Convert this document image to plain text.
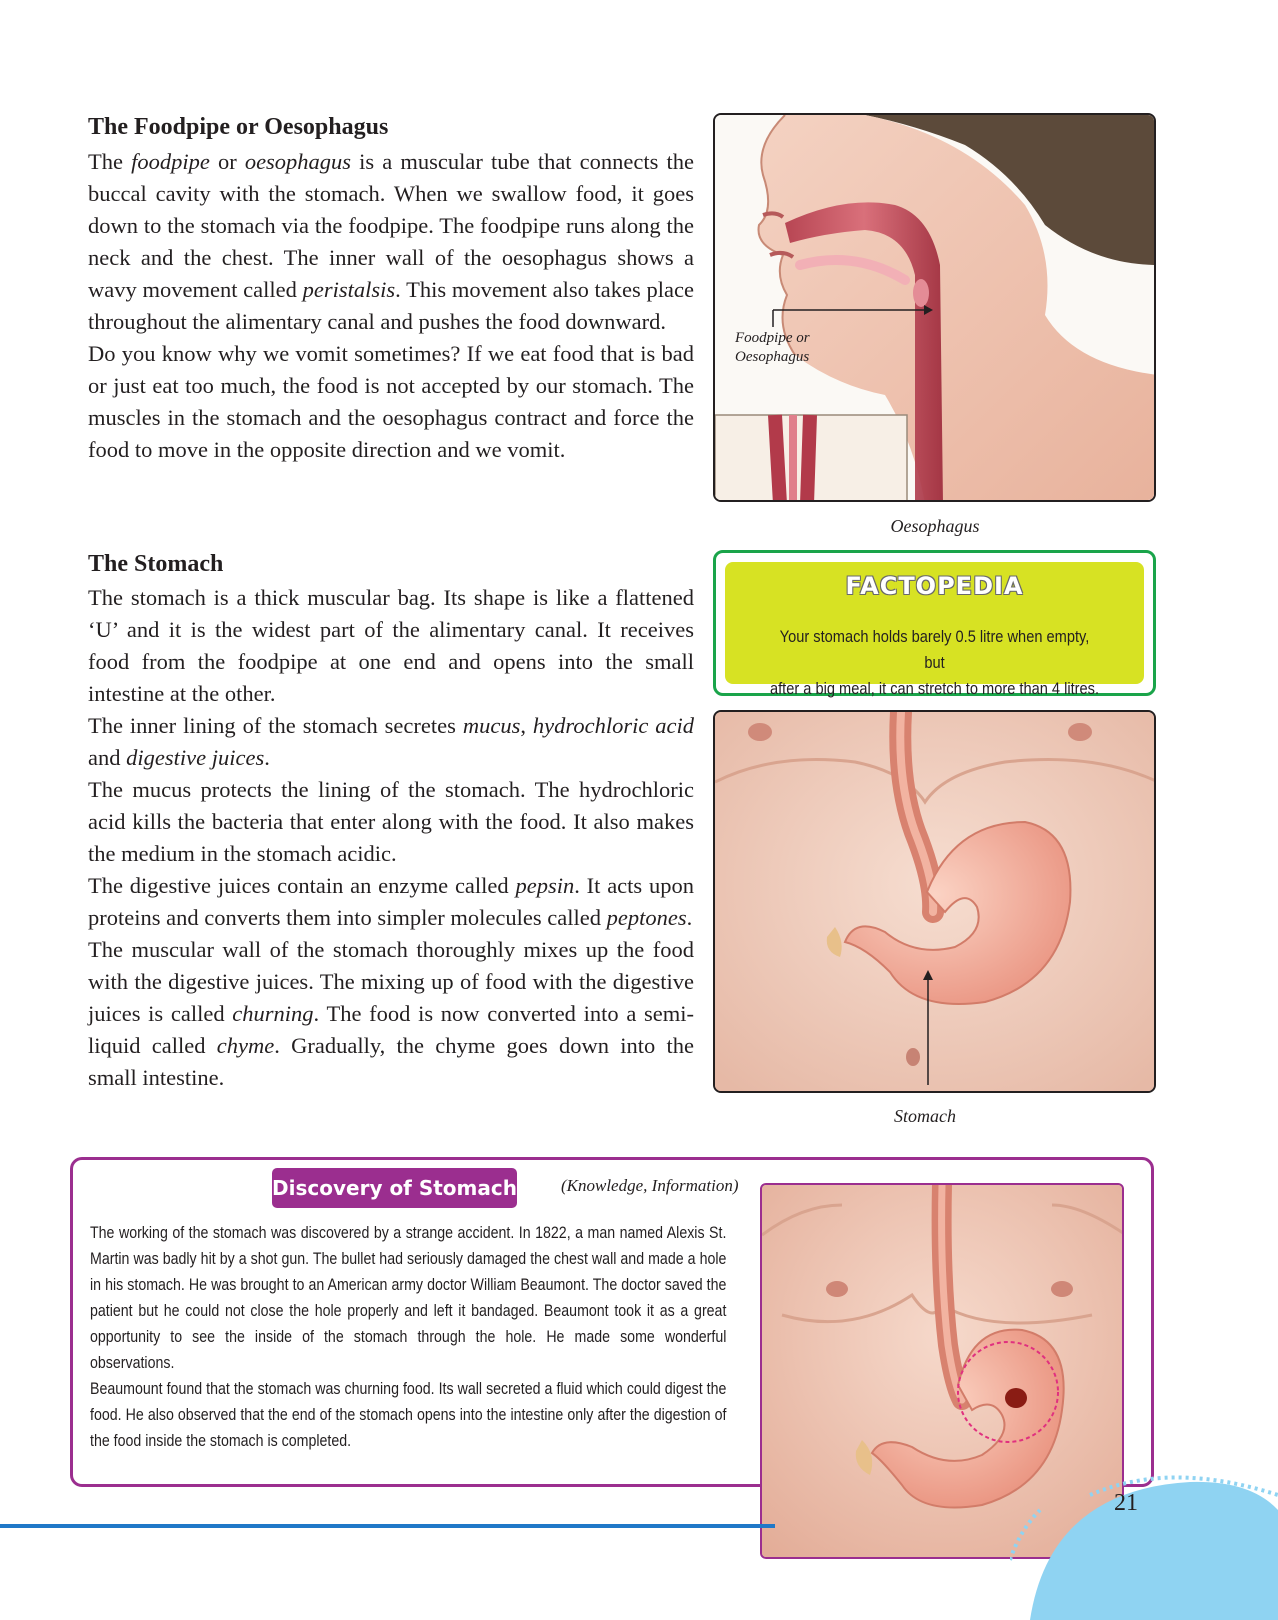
The Foodpipe or Oesophagus

The foodpipe or oesophagus is a muscular tube that connects the buccal cavity with the stomach. When we swallow food, it goes down to the stomach via the foodpipe. The foodpipe runs along the neck and the chest. The inner wall of the oesophagus shows a wavy movement called peristalsis. This movement also takes place throughout the alimentary canal and pushes the food downward.

Do you know why we vomit sometimes? If we eat food that is bad or just eat too much, the food is not accepted by our stomach. The muscles in the stomach and the oesophagus contract and force the food to move in the opposite direction and we vomit.

Foodpipe or
Oesophagus
Oesophagus
The Stomach

The stomach is a thick muscular bag. Its shape is like a flattened ‘U’ and it is the widest part of the alimentary canal. It receives food from the foodpipe at one end and opens into the small intestine at the other.

The inner lining of the stomach secretes mucus, hydrochloric acid and digestive juices.

The mucus protects the lining of the stomach. The hydrochloric acid kills the bacteria that enter along with the food. It also makes the medium in the stomach acidic.

The digestive juices contain an enzyme called pepsin. It acts upon proteins and converts them into simpler molecules called peptones.

The muscular wall of the stomach thoroughly mixes up the food with the digestive juices. The mixing up of food with the digestive juices is called churning. The food is now converted into a semi-liquid called chyme. Gradually, the chyme goes down into the small intestine.

FACTOPEDIA
Your stomach holds barely 0.5 litre when empty, but
after a big meal, it can stretch to more than 4 litres.
Stomach
Discovery of Stomach	(Knowledge, Information)

The working of the stomach was discovered by a strange accident. In 1822, a man named Alexis St. Martin was badly hit by a shot gun. The bullet had seriously damaged the chest wall and made a hole in his stomach. He was brought to an American army doctor William Beaumont. The doctor saved the patient but he could not close the hole properly and left it bandaged. Beaumont took it as a great opportunity to see the inside of the stomach through the hole. He made some wonderful observations.

Beaumount found that the stomach was churning food. Its wall secreted a fluid which could digest the food. He also observed that the end of the stomach opens into the intestine only after the digestion of the food inside the stomach is completed.

21
